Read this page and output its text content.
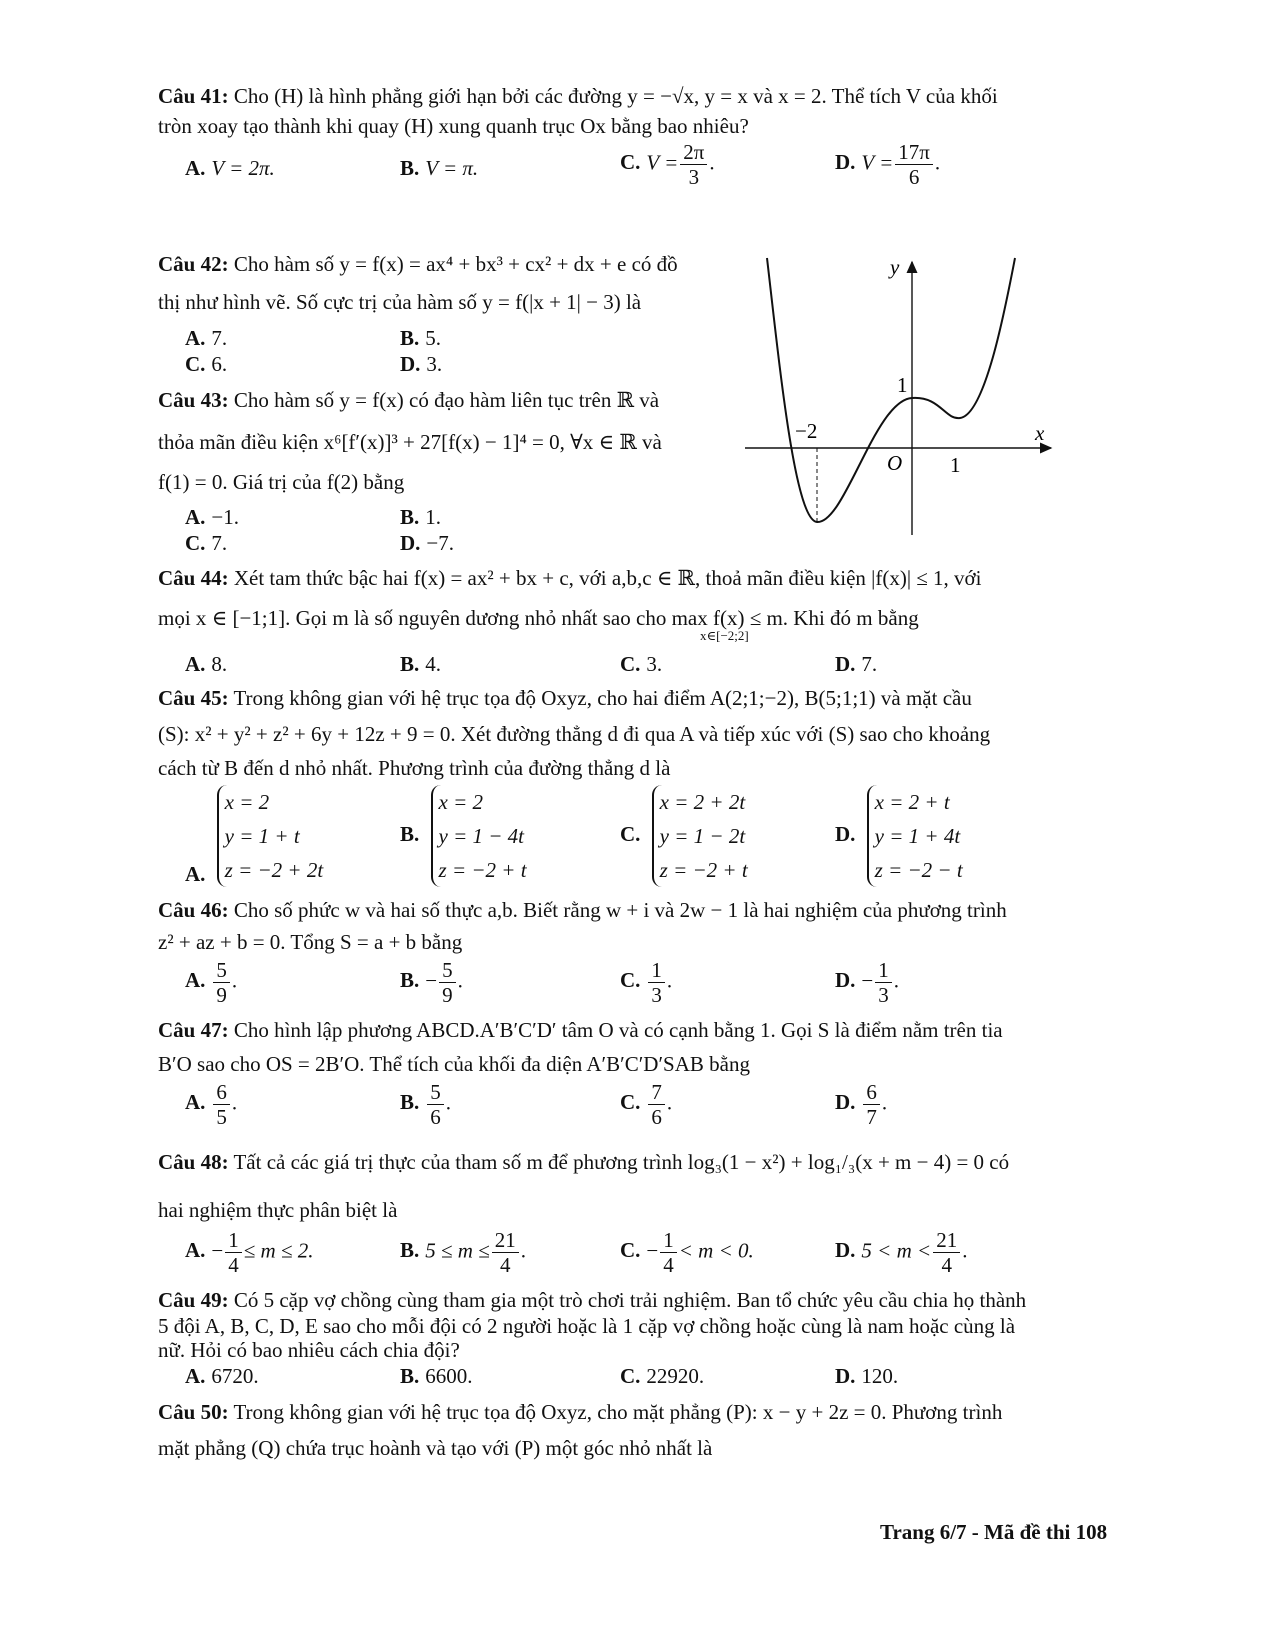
Câu 41: Cho (H) là hình phẳng giới hạn bởi các đường y = −√x, y = x và x = 2. Thể tích V của khối
tròn xoay tạo thành khi quay (H) xung quanh trục Ox bằng bao nhiêu?
A. V = 2π.	B. V = π.	C. $V = \frac{2\pi}{3}$ .	D. $V = \frac{17\pi}{6}$ .
Câu 42: Cho hàm số y = f(x) = ax⁴ + bx³ + cx² + dx + e có đồ
thị như hình vẽ. Số cực trị của hàm số y = f(|x + 1| − 3) là
A. 7.	B. 5.
C. 6.	D. 3.
Câu 43: Cho hàm số y = f(x) có đạo hàm liên tục trên ℝ và
thỏa mãn điều kiện x⁶[f′(x)]³ + 27[f(x) − 1]⁴ = 0, ∀x ∈ ℝ và
f(1) = 0. Giá trị của f(2) bằng
A. −1.	B. 1.
C. 7.	D. −7.
y
x
O
−2
1
1
Câu 44: Xét tam thức bậc hai f(x) = ax² + bx + c, với a,b,c ∈ ℝ, thoả mãn điều kiện |f(x)| ≤ 1, với
mọi x ∈ [−1;1]. Gọi m là số nguyên dương nhỏ nhất sao cho max f(x) ≤ m. Khi đó m bằng
x∈[−2;2]
A. 8.	B. 4.	C. 3.	D. 7.
Câu 45: Trong không gian với hệ trục tọa độ Oxyz, cho hai điểm A(2;1;−2), B(5;1;1) và mặt cầu
(S): x² + y² + z² + 6y + 12z + 9 = 0. Xét đường thẳng d đi qua A và tiếp xúc với (S) sao cho khoảng
cách từ B đến d nhỏ nhất. Phương trình của đường thẳng d là
A.
x = 2
y = 1 + t
z = −2 + 2t
B.
x = 2
y = 1 − 4t
z = −2 + t
C.
x = 2 + 2t
y = 1 − 2t
z = −2 + t
D.
x = 2 + t
y = 1 + 4t
z = −2 − t
Câu 46: Cho số phức w và hai số thực a,b. Biết rằng w + i và 2w − 1 là hai nghiệm của phương trình
z² + az + b = 0. Tổng S = a + b bằng
A. $\frac{5}{9}$ .	B. − $\frac{5}{9}$ .	C. $\frac{1}{3}$ .	D. − $\frac{1}{3}$ .
Câu 47: Cho hình lập phương ABCD.A′B′C′D′ tâm O và có cạnh bằng 1. Gọi S là điểm nằm trên tia
B′O sao cho OS = 2B′O. Thể tích của khối đa diện A′B′C′D′SAB bằng
A. $\frac{6}{5}$ .	B. $\frac{5}{6}$ .	C. $\frac{7}{6}$ .	D. $\frac{6}{7}$ .
Câu 48: Tất cả các giá trị thực của tham số m để phương trình log₃(1 − x²) + log₁/₃(x + m − 4) = 0 có
hai nghiệm thực phân biệt là
A. − $\frac{1}{4} \le m \le 2$.	B. $5 \le m \le \frac{21}{4}$ .	C. − $\frac{1}{4} < m < 0$.	D. $5 < m < \frac{21}{4}$ .
Câu 49: Có 5 cặp vợ chồng cùng tham gia một trò chơi trải nghiệm. Ban tổ chức yêu cầu chia họ thành
5 đội A, B, C, D, E sao cho mỗi đội có 2 người hoặc là 1 cặp vợ chồng hoặc cùng là nam hoặc cùng là
nữ. Hỏi có bao nhiêu cách chia đội?
A. 6720.	B. 6600.	C. 22920.	D. 120.
Câu 50: Trong không gian với hệ trục tọa độ Oxyz, cho mặt phẳng (P): x − y + 2z = 0. Phương trình
mặt phẳng (Q) chứa trục hoành và tạo với (P) một góc nhỏ nhất là
Trang 6/7 - Mã đề thi 108
